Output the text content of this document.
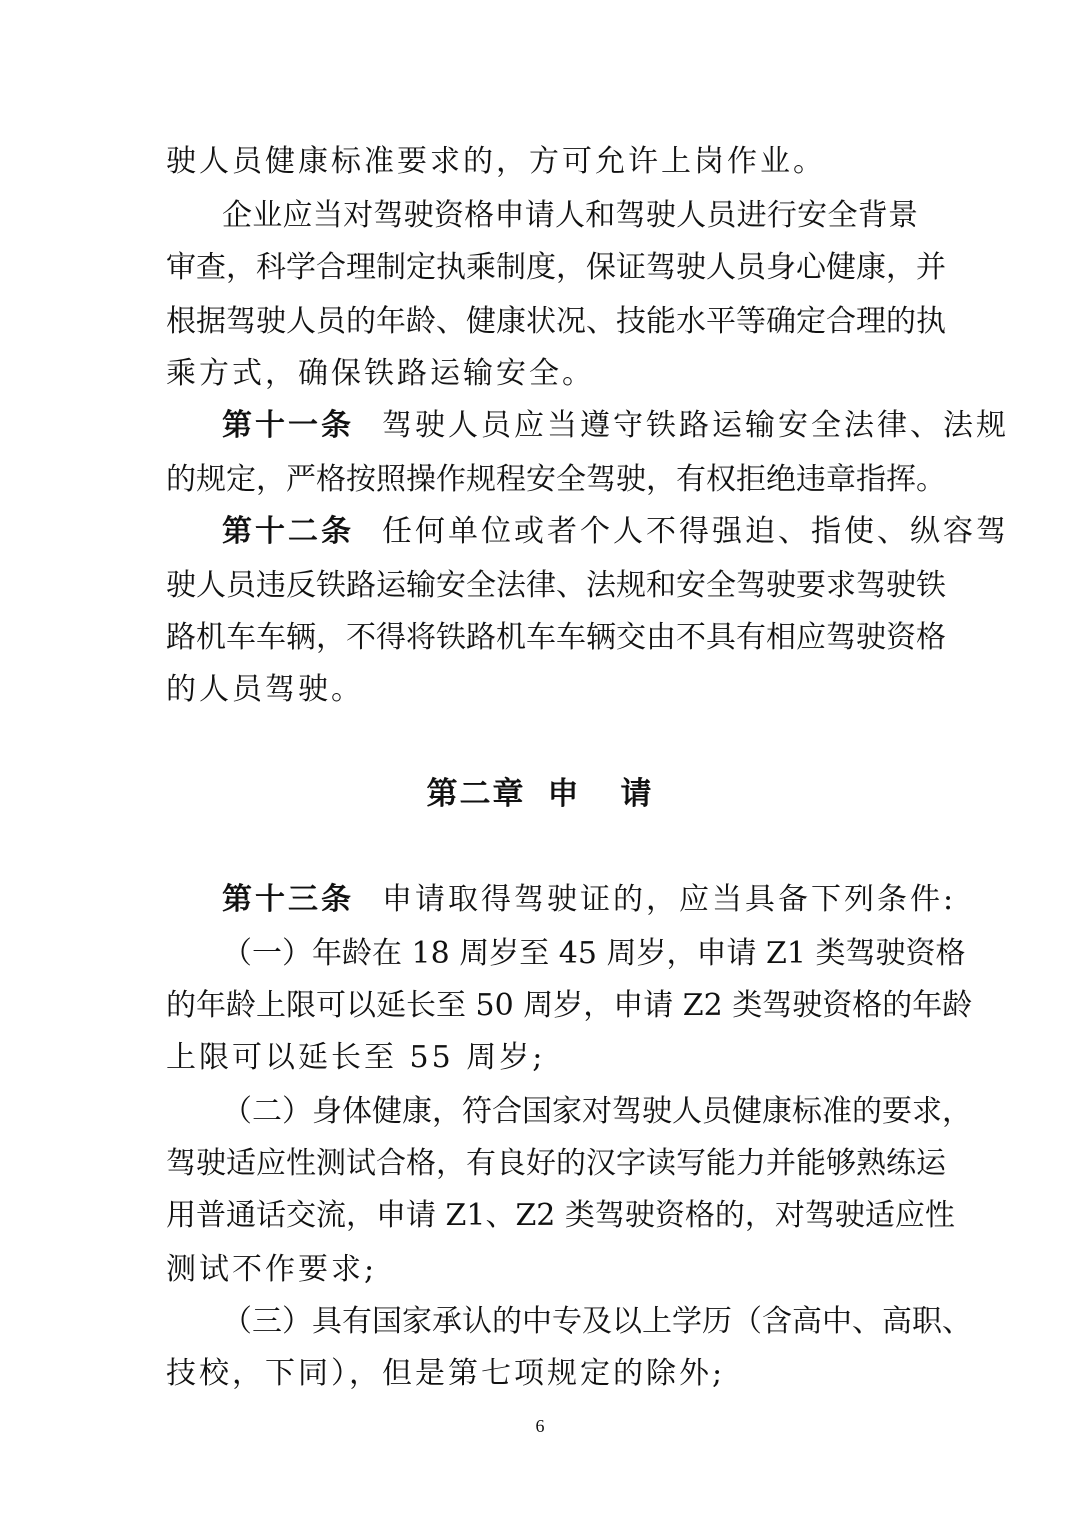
驶人员健康标准要求的，方可允许上岗作业。
企业应当对驾驶资格申请人和驾驶人员进行安全背景
审查，科学合理制定执乘制度，保证驾驶人员身心健康，并
根据驾驶人员的年龄、健康状况、技能水平等确定合理的执
乘方式，确保铁路运输安全。
第十一条 驾驶人员应当遵守铁路运输安全法律、法规
的规定，严格按照操作规程安全驾驶，有权拒绝违章指挥。
第十二条 任何单位或者个人不得强迫、指使、纵容驾
驶人员违反铁路运输安全法律、法规和安全驾驶要求驾驶铁
路机车车辆，不得将铁路机车车辆交由不具有相应驾驶资格
的人员驾驶。
第二章 申 请
第十三条 申请取得驾驶证的，应当具备下列条件:
（一）年龄在 18 周岁至 45 周岁，申请 Z1 类驾驶资格
的年龄上限可以延长至 50 周岁，申请 Z2 类驾驶资格的年龄
上限可以延长至 55 周岁;
（二）身体健康，符合国家对驾驶人员健康标准的要求，
驾驶适应性测试合格，有良好的汉字读写能力并能够熟练运
用普通话交流，申请 Z1、Z2 类驾驶资格的，对驾驶适应性
测试不作要求;
（三）具有国家承认的中专及以上学历（含高中、高职、
技校，下同），但是第七项规定的除外;
6
